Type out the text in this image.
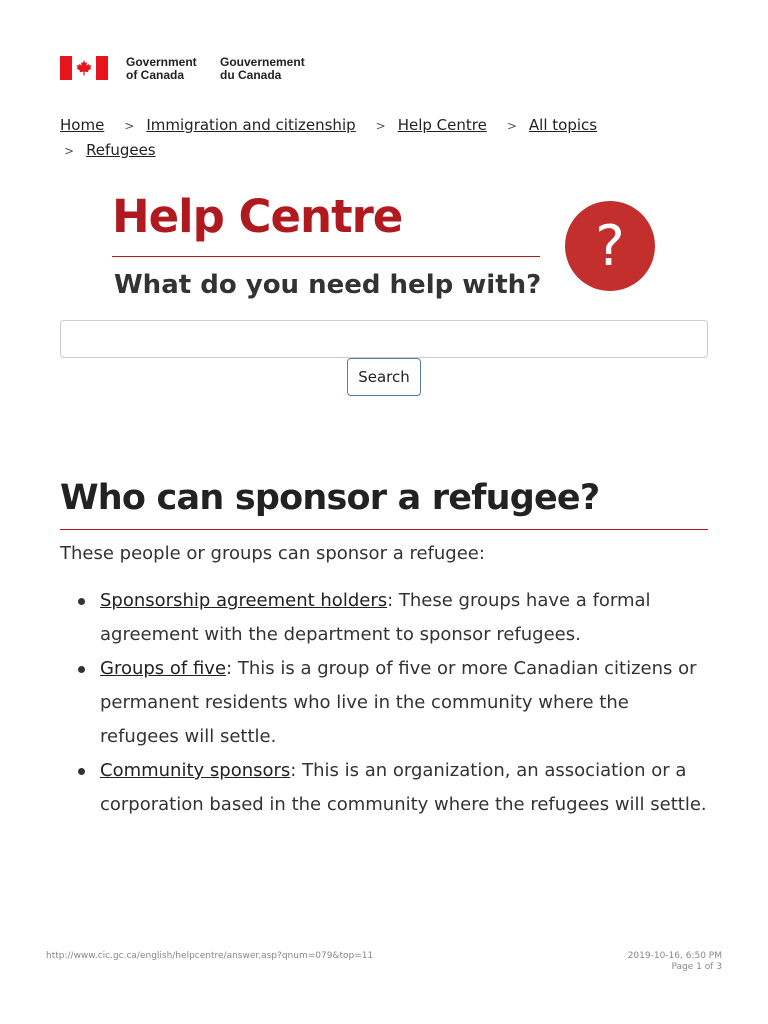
Government
of Canada
Gouvernement
du Canada
Home > Immigration and citizenship > Help Centre > All topics
> Refugees
Help Centre
What do you need help with?
?
Search
Who can sponsor a refugee?

These people or groups can sponsor a refugee:

Sponsorship agreement holders: These groups have a formal agreement with the department to sponsor refugees.
Groups of five: This is a group of five or more Canadian citizens or permanent residents who live in the community where the refugees will settle.
Community sponsors: This is an organization, an association or a corporation based in the community where the refugees will settle.
http://www.cic.gc.ca/english/helpcentre/answer.asp?qnum=079&top=11	2019-10-16, 6:50 PM
Page 1 of 3
